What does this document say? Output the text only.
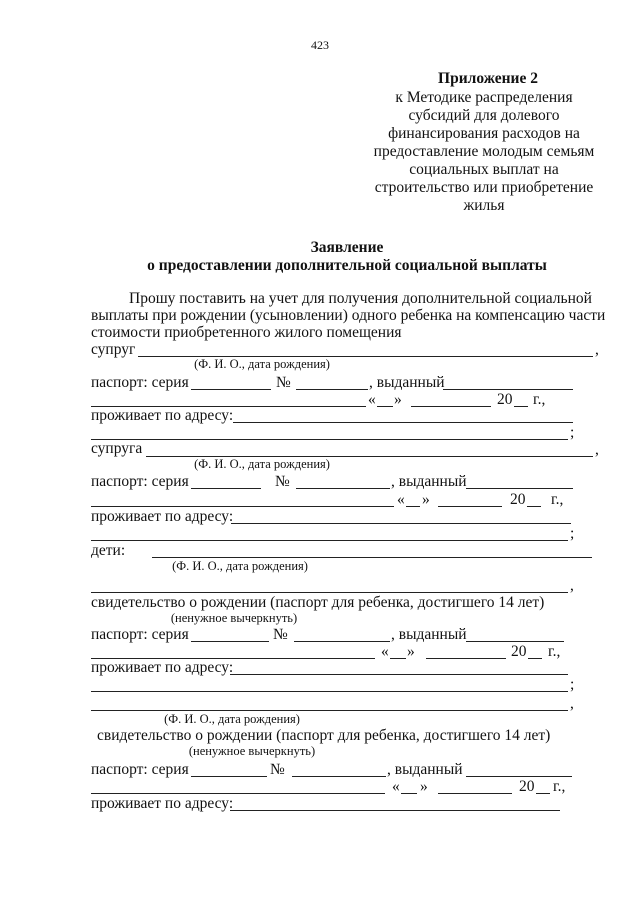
423
Приложение 2
к Методике распределения
субсидий для долевого
финансирования расходов на
предоставление молодым семьям
социальных выплат на
строительство или приобретение
жилья
Заявление
о предоставлении дополнительной социальной выплаты
Прошу поставить на учет для получения дополнительной социальной
выплаты при рождении (усыновлении) одного ребенка на компенсацию части
стоимости приобретенного жилого помещения
супруг	,
(Ф. И. О., дата рождения)
паспорт: серия	№	, выданный
« »	20 г.,
проживает по адресу:
;
супруга	,
(Ф. И. О., дата рождения)
паспорт: серия	№	, выданный
« »	20 г.,
проживает по адресу:
;
дети:
(Ф. И. О., дата рождения)
,
свидетельство о рождении (паспорт для ребенка, достигшего 14 лет)
(ненужное вычеркнуть)
паспорт: серия	№	, выданный
« »	20 г.,
проживает по адресу:
;
,
(Ф. И. О., дата рождения)
свидетельство о рождении (паспорт для ребенка, достигшего 14 лет)
(ненужное вычеркнуть)
паспорт: серия	№	, выданный
« »	20 г.,
проживает по адресу:
